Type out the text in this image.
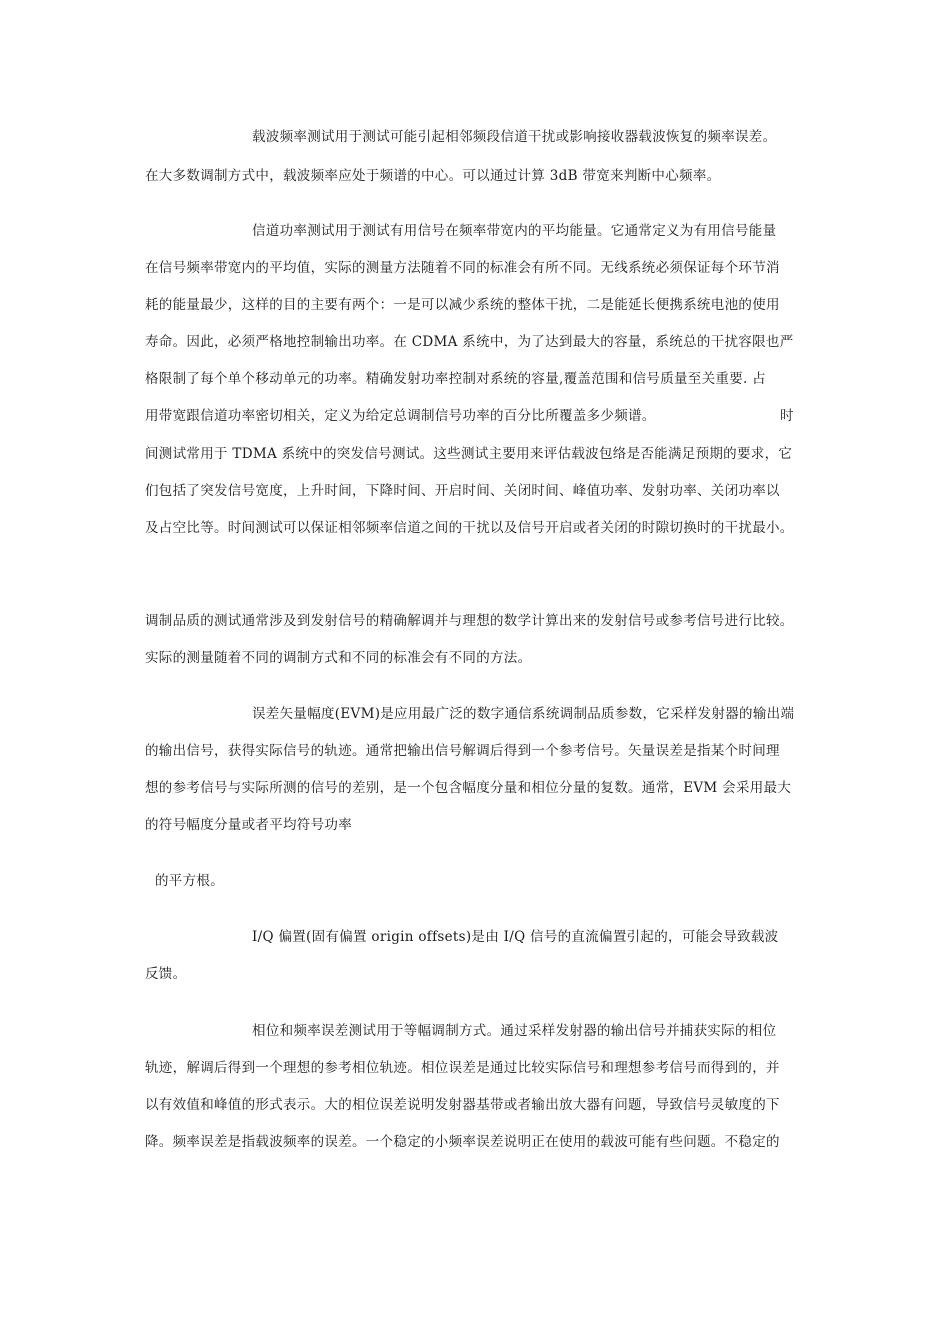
载波频率测试用于测试可能引起相邻频段信道干扰或影响接收器载波恢复的频率误差。
在大多数调制方式中，载波频率应处于频谱的中心。可以通过计算 3dB 带宽来判断中心频率。
信道功率测试用于测试有用信号在频率带宽内的平均能量。它通常定义为有用信号能量
在信号频率带宽内的平均值，实际的测量方法随着不同的标准会有所不同。无线系统必须保证每个环节消
耗的能量最少，这样的目的主要有两个：一是可以减少系统的整体干扰，二是能延长便携系统电池的使用
寿命。因此，必须严格地控制输出功率。在 CDMA 系统中，为了达到最大的容量，系统总的干扰容限也严
格限制了每个单个移动单元的功率。精确发射功率控制对系统的容量,覆盖范围和信号质量至关重要. 占
用带宽跟信道功率密切相关，定义为给定总调制信号功率的百分比所覆盖多少频谱。	时
间测试常用于 TDMA 系统中的突发信号测试。这些测试主要用来评估载波包络是否能满足预期的要求，它
们包括了突发信号宽度，上升时间，下降时间、开启时间、关闭时间、峰值功率、发射功率、关闭功率以
及占空比等。时间测试可以保证相邻频率信道之间的干扰以及信号开启或者关闭的时隙切换时的干扰最小。
调制品质的测试通常涉及到发射信号的精确解调并与理想的数学计算出来的发射信号或参考信号进行比较。
实际的测量随着不同的调制方式和不同的标准会有不同的方法。
误差矢量幅度(EVM)是应用最广泛的数字通信系统调制品质参数，它采样发射器的输出端
的输出信号，获得实际信号的轨迹。通常把输出信号解调后得到一个参考信号。矢量误差是指某个时间理
想的参考信号与实际所测的信号的差别，是一个包含幅度分量和相位分量的复数。通常，EVM 会采用最大
的符号幅度分量或者平均符号功率
的平方根。
I/Q 偏置(固有偏置 origin offsets)是由 I/Q 信号的直流偏置引起的，可能会导致载波
反馈。
相位和频率误差测试用于等幅调制方式。通过采样发射器的输出信号并捕获实际的相位
轨迹，解调后得到一个理想的参考相位轨迹。相位误差是通过比较实际信号和理想参考信号而得到的，并
以有效值和峰值的形式表示。大的相位误差说明发射器基带或者输出放大器有问题，导致信号灵敏度的下
降。频率误差是指载波频率的误差。一个稳定的小频率误差说明正在使用的载波可能有些问题。不稳定的
